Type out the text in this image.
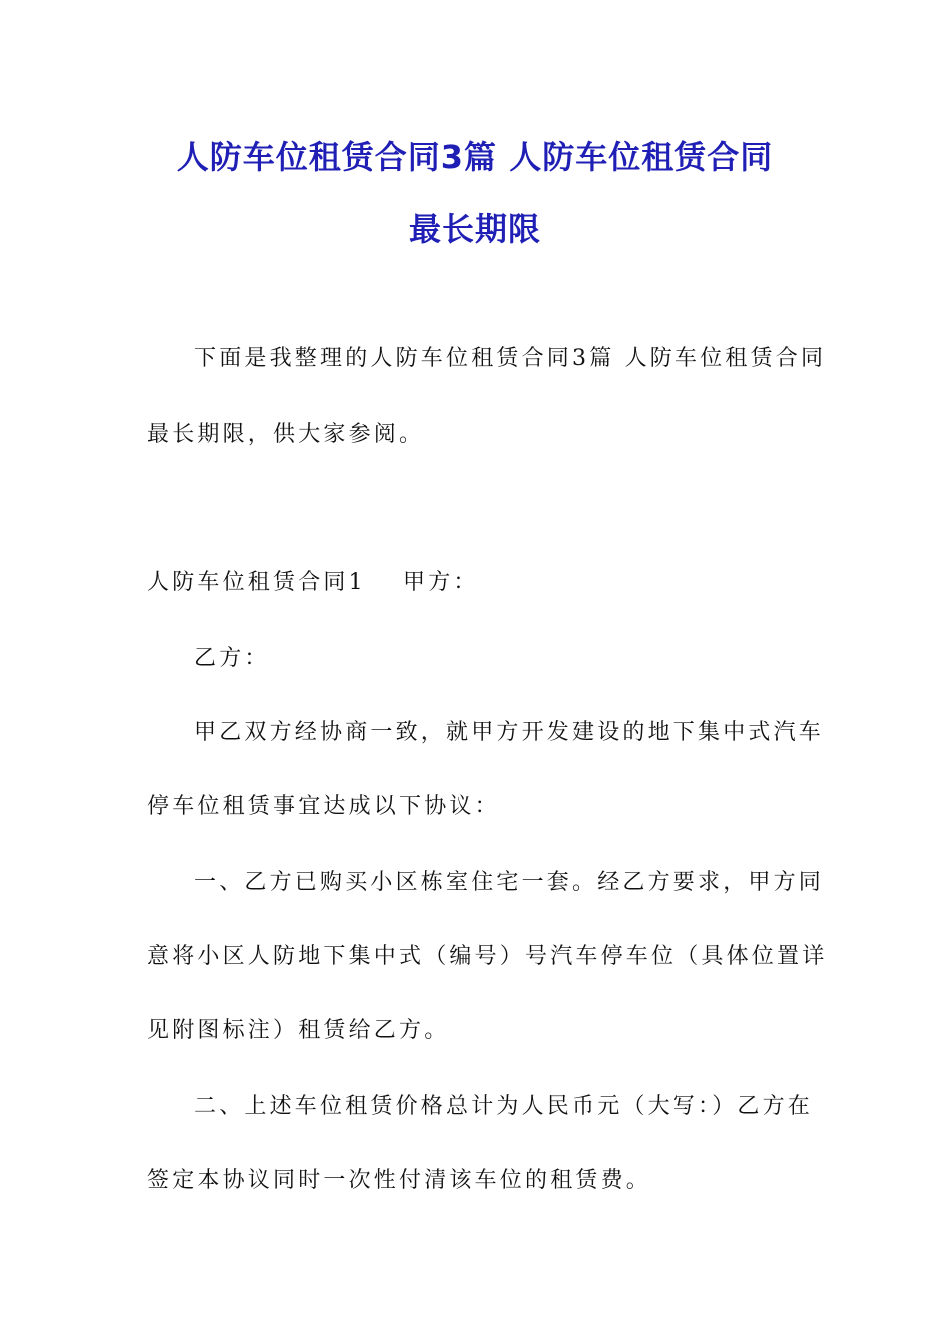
人防车位租赁合同3篇 人防车位租赁合同
最长期限
下面是我整理的人防车位租赁合同3篇 人防车位租赁合同
最长期限，供大家参阅。
人防车位租赁合同1 甲方：
乙方：
甲乙双方经协商一致，就甲方开发建设的地下集中式汽车
停车位租赁事宜达成以下协议：
一、乙方已购买小区栋室住宅一套。经乙方要求，甲方同
意将小区人防地下集中式（编号）号汽车停车位（具体位置详
见附图标注）租赁给乙方。
二、上述车位租赁价格总计为人民币元（大写：）乙方在
签定本协议同时一次性付清该车位的租赁费。
